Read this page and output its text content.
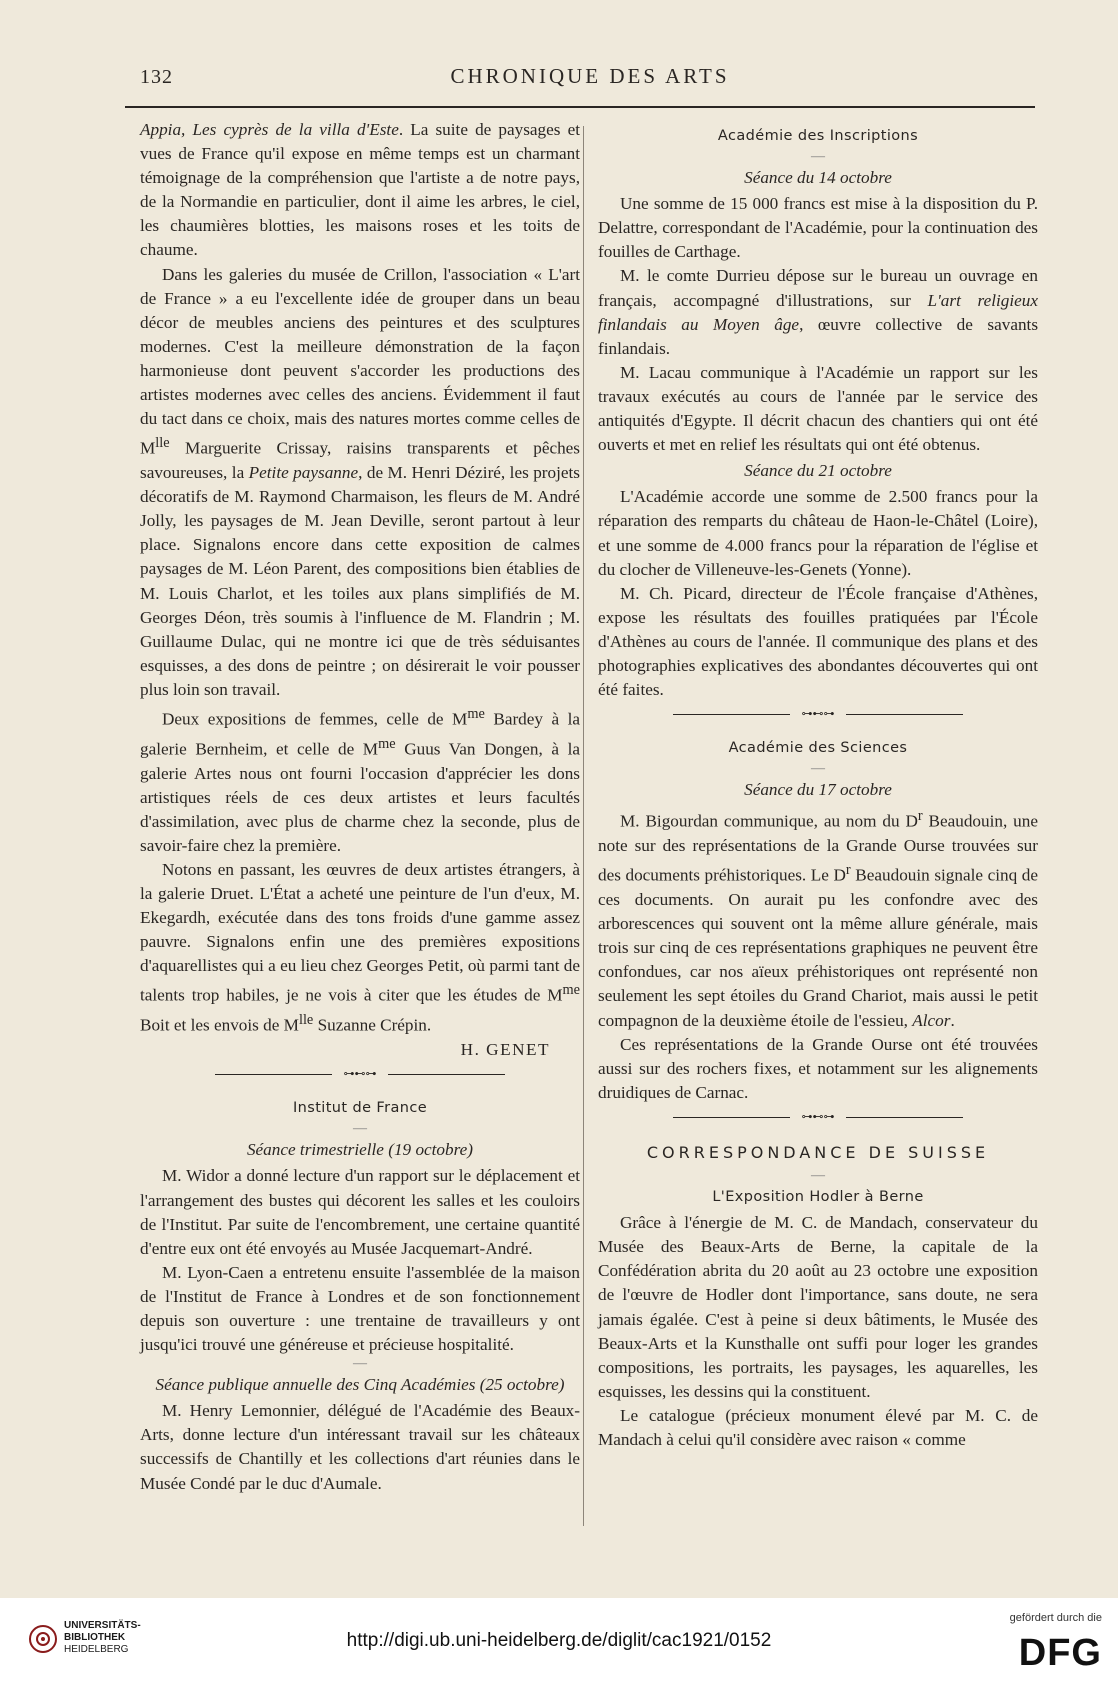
132	CHRONIQUE DES ARTS

Appia, Les cyprès de la villa d'Este. La suite de paysages et vues de France qu'il expose en même temps est un charmant témoignage de la compréhension que l'artiste a de notre pays, de la Normandie en particulier, dont il aime les arbres, le ciel, les chaumières blotties, les maisons roses et les toits de chaume.

Dans les galeries du musée de Crillon, l'association « L'art de France » a eu l'excellente idée de grouper dans un beau décor de meubles anciens des peintures et des sculptures modernes. C'est la meilleure démonstration de la façon harmonieuse dont peuvent s'accorder les productions des artistes modernes avec celles des anciens. Évidemment il faut du tact dans ce choix, mais des natures mortes comme celles de $M^{lle}$ Marguerite Crissay, raisins transparents et pêches savoureuses, la Petite paysanne, de M. Henri Déziré, les projets décoratifs de M. Raymond Charmaison, les fleurs de M. André Jolly, les paysages de M. Jean Deville, seront partout à leur place. Signalons encore dans cette exposition de calmes paysages de M. Léon Parent, des compositions bien établies de M. Louis Charlot, et les toiles aux plans simplifiés de M. Georges Déon, très soumis à l'influence de M. Flandrin ; M. Guillaume Dulac, qui ne montre ici que de très séduisantes esquisses, a des dons de peintre ; on désirerait le voir pousser plus loin son travail.

Deux expositions de femmes, celle de $M^{me}$ Bardey à la galerie Bernheim, et celle de $M^{me}$ Guus Van Dongen, à la galerie Artes nous ont fourni l'occasion d'apprécier les dons artistiques réels de ces deux artistes et leurs facultés d'assimilation, avec plus de charme chez la seconde, plus de savoir-faire chez la première.

Notons en passant, les œuvres de deux artistes étrangers, à la galerie Druet. L'État a acheté une peinture de l'un d'eux, M. Ekegardh, exécutée dans des tons froids d'une gamme assez pauvre. Signalons enfin une des premières expositions d'aquarellistes qui a eu lieu chez Georges Petit, où parmi tant de talents trop habiles, je ne vois à citer que les études de $M^{me}$ Boit et les envois de $M^{lle}$ Suzanne Crépin.

H. GENET
⊶⊷⊶
Institut de France
—
Séance trimestrielle (19 octobre)

M. Widor a donné lecture d'un rapport sur le déplacement et l'arrangement des bustes qui décorent les salles et les couloirs de l'Institut. Par suite de l'encombrement, une certaine quantité d'entre eux ont été envoyés au Musée Jacquemart-André.

M. Lyon-Caen a entretenu ensuite l'assemblée de la maison de l'Institut de France à Londres et de son fonctionnement depuis son ouverture : une trentaine de travailleurs y ont jusqu'ici trouvé une généreuse et précieuse hospitalité.

—
Séance publique annuelle des Cinq Académies (25 octobre)

M. Henry Lemonnier, délégué de l'Académie des Beaux-Arts, donne lecture d'un intéressant travail sur les châteaux successifs de Chantilly et les collections d'art réunies dans le Musée Condé par le duc d'Aumale.

Académie des Inscriptions
—
Séance du 14 octobre

Une somme de 15 000 francs est mise à la disposition du P. Delattre, correspondant de l'Académie, pour la continuation des fouilles de Carthage.

M. le comte Durrieu dépose sur le bureau un ouvrage en français, accompagné d'illustrations, sur L'art religieux finlandais au Moyen âge, œuvre collective de savants finlandais.

M. Lacau communique à l'Académie un rapport sur les travaux exécutés au cours de l'année par le service des antiquités d'Egypte. Il décrit chacun des chantiers qui ont été ouverts et met en relief les résultats qui ont été obtenus.

Séance du 21 octobre

L'Académie accorde une somme de 2.500 francs pour la réparation des remparts du château de Haon-le-Châtel (Loire), et une somme de 4.000 francs pour la réparation de l'église et du clocher de Villeneuve-les-Genets (Yonne).

M. Ch. Picard, directeur de l'École française d'Athènes, expose les résultats des fouilles pratiquées par l'École d'Athènes au cours de l'année. Il communique des plans et des photographies explicatives des abondantes découvertes qui ont été faites.

⊶⊷⊶
Académie des Sciences
—
Séance du 17 octobre

M. Bigourdan communique, au nom du $D^r$ Beaudouin, une note sur des représentations de la Grande Ourse trouvées sur des documents préhistoriques. Le $D^r$ Beaudouin signale cinq de ces documents. On aurait pu les confondre avec des arborescences qui souvent ont la même allure générale, mais trois sur cinq de ces représentations graphiques ne peuvent être confondues, car nos aïeux préhistoriques ont représenté non seulement les sept étoiles du Grand Chariot, mais aussi le petit compagnon de la deuxième étoile de l'essieu, Alcor.

Ces représentations de la Grande Ourse ont été trouvées aussi sur des rochers fixes, et notamment sur les alignements druidiques de Carnac.

⊶⊷⊶
CORRESPONDANCE DE SUISSE
—
L'Exposition Hodler à Berne

Grâce à l'énergie de M. C. de Mandach, conservateur du Musée des Beaux-Arts de Berne, la capitale de la Confédération abrita du 20 août au 23 octobre une exposition de l'œuvre de Hodler dont l'importance, sans doute, ne sera jamais égalée. C'est à peine si deux bâtiments, le Musée des Beaux-Arts et la Kunsthalle ont suffi pour loger les grandes compositions, les portraits, les paysages, les aquarelles, les esquisses, les dessins qui la constituent.

Le catalogue (précieux monument élevé par M. C. de Mandach à celui qu'il considère avec raison « comme

UNIVERSITÄTS-
BIBLIOTHEK
HEIDELBERG	http://digi.ub.uni-heidelberg.de/diglit/cac1921/0152
gefördert durch die
DFG
